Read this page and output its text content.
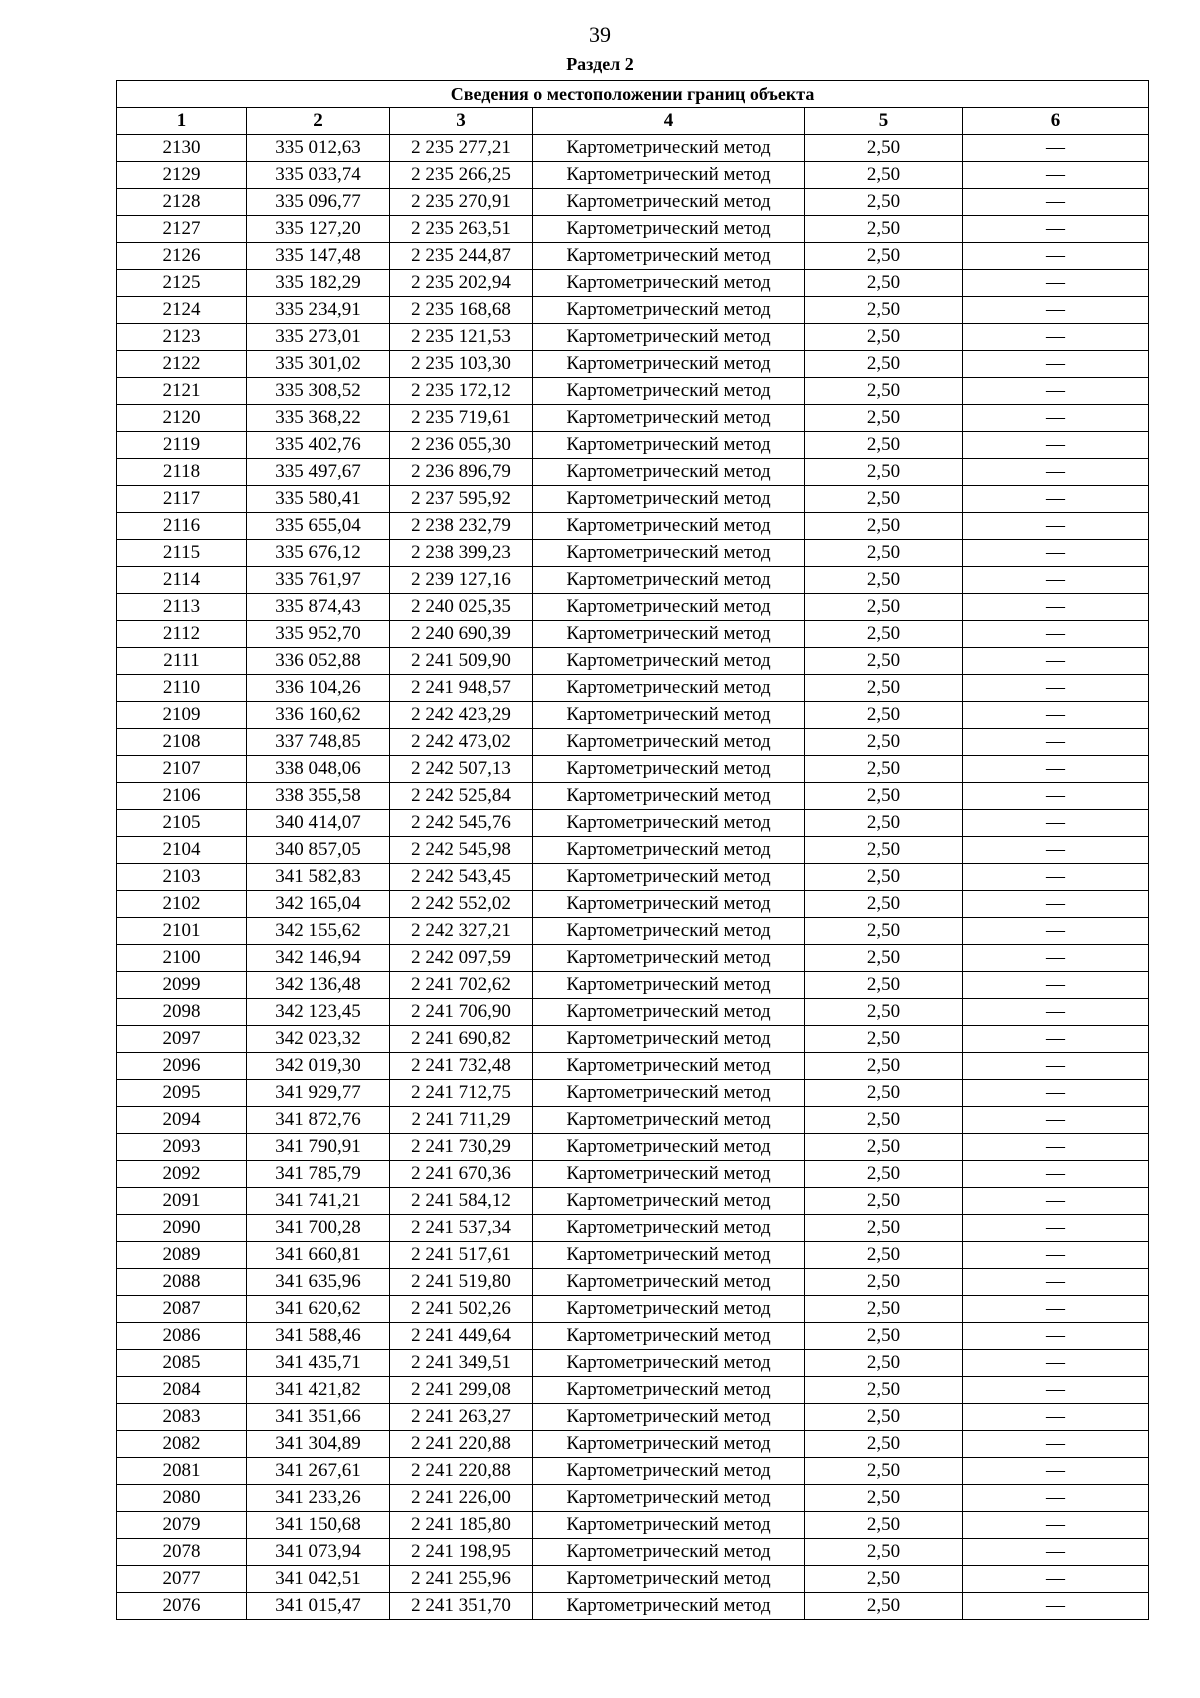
39
Раздел 2
Сведения о местоположении границ объекта					
1	2	3	4	5	6
2130	335 012,63	2 235 277,21	Картометрический метод	2,50	—
2129	335 033,74	2 235 266,25	Картометрический метод	2,50	—
2128	335 096,77	2 235 270,91	Картометрический метод	2,50	—
2127	335 127,20	2 235 263,51	Картометрический метод	2,50	—
2126	335 147,48	2 235 244,87	Картометрический метод	2,50	—
2125	335 182,29	2 235 202,94	Картометрический метод	2,50	—
2124	335 234,91	2 235 168,68	Картометрический метод	2,50	—
2123	335 273,01	2 235 121,53	Картометрический метод	2,50	—
2122	335 301,02	2 235 103,30	Картометрический метод	2,50	—
2121	335 308,52	2 235 172,12	Картометрический метод	2,50	—
2120	335 368,22	2 235 719,61	Картометрический метод	2,50	—
2119	335 402,76	2 236 055,30	Картометрический метод	2,50	—
2118	335 497,67	2 236 896,79	Картометрический метод	2,50	—
2117	335 580,41	2 237 595,92	Картометрический метод	2,50	—
2116	335 655,04	2 238 232,79	Картометрический метод	2,50	—
2115	335 676,12	2 238 399,23	Картометрический метод	2,50	—
2114	335 761,97	2 239 127,16	Картометрический метод	2,50	—
2113	335 874,43	2 240 025,35	Картометрический метод	2,50	—
2112	335 952,70	2 240 690,39	Картометрический метод	2,50	—
2111	336 052,88	2 241 509,90	Картометрический метод	2,50	—
2110	336 104,26	2 241 948,57	Картометрический метод	2,50	—
2109	336 160,62	2 242 423,29	Картометрический метод	2,50	—
2108	337 748,85	2 242 473,02	Картометрический метод	2,50	—
2107	338 048,06	2 242 507,13	Картометрический метод	2,50	—
2106	338 355,58	2 242 525,84	Картометрический метод	2,50	—
2105	340 414,07	2 242 545,76	Картометрический метод	2,50	—
2104	340 857,05	2 242 545,98	Картометрический метод	2,50	—
2103	341 582,83	2 242 543,45	Картометрический метод	2,50	—
2102	342 165,04	2 242 552,02	Картометрический метод	2,50	—
2101	342 155,62	2 242 327,21	Картометрический метод	2,50	—
2100	342 146,94	2 242 097,59	Картометрический метод	2,50	—
2099	342 136,48	2 241 702,62	Картометрический метод	2,50	—
2098	342 123,45	2 241 706,90	Картометрический метод	2,50	—
2097	342 023,32	2 241 690,82	Картометрический метод	2,50	—
2096	342 019,30	2 241 732,48	Картометрический метод	2,50	—
2095	341 929,77	2 241 712,75	Картометрический метод	2,50	—
2094	341 872,76	2 241 711,29	Картометрический метод	2,50	—
2093	341 790,91	2 241 730,29	Картометрический метод	2,50	—
2092	341 785,79	2 241 670,36	Картометрический метод	2,50	—
2091	341 741,21	2 241 584,12	Картометрический метод	2,50	—
2090	341 700,28	2 241 537,34	Картометрический метод	2,50	—
2089	341 660,81	2 241 517,61	Картометрический метод	2,50	—
2088	341 635,96	2 241 519,80	Картометрический метод	2,50	—
2087	341 620,62	2 241 502,26	Картометрический метод	2,50	—
2086	341 588,46	2 241 449,64	Картометрический метод	2,50	—
2085	341 435,71	2 241 349,51	Картометрический метод	2,50	—
2084	341 421,82	2 241 299,08	Картометрический метод	2,50	—
2083	341 351,66	2 241 263,27	Картометрический метод	2,50	—
2082	341 304,89	2 241 220,88	Картометрический метод	2,50	—
2081	341 267,61	2 241 220,88	Картометрический метод	2,50	—
2080	341 233,26	2 241 226,00	Картометрический метод	2,50	—
2079	341 150,68	2 241 185,80	Картометрический метод	2,50	—
2078	341 073,94	2 241 198,95	Картометрический метод	2,50	—
2077	341 042,51	2 241 255,96	Картометрический метод	2,50	—
2076	341 015,47	2 241 351,70	Картометрический метод	2,50	—
